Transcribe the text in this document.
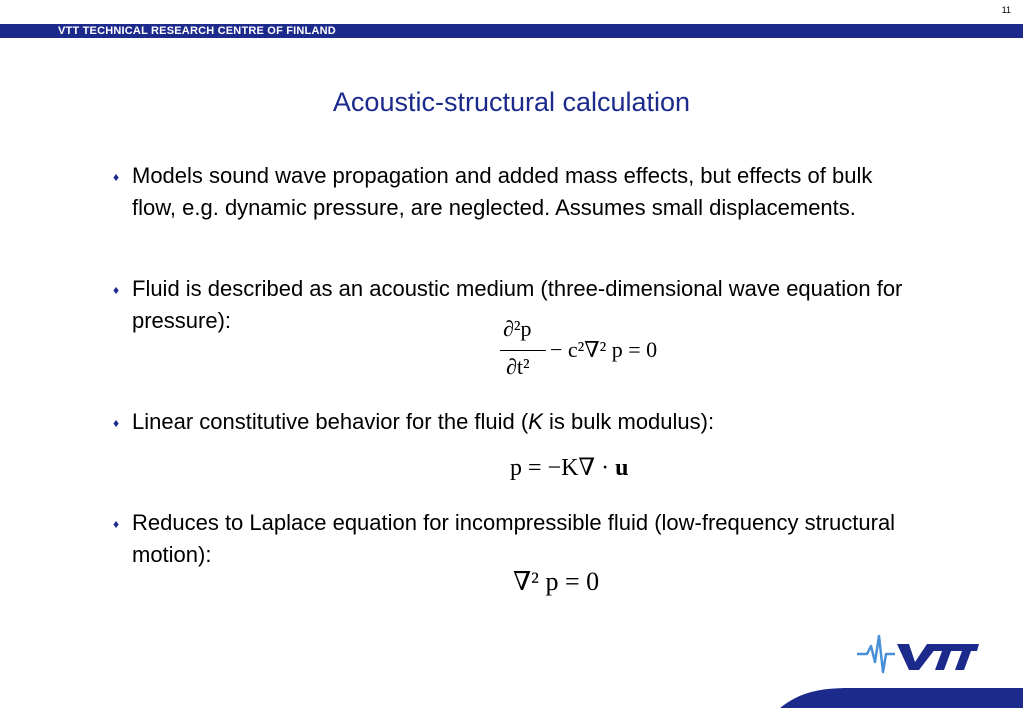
11
VTT TECHNICAL RESEARCH CENTRE OF FINLAND
Acoustic-structural calculation
♦ Models sound wave propagation and added mass effects, but effects of bulk flow, e.g. dynamic pressure, are neglected. Assumes small displacements.
♦ Fluid is described as an acoustic medium (three-dimensional wave equation for pressure):	∂²p
∂t²
− c²∇² p = 0
♦ Linear constitutive behavior for the fluid (K is bulk modulus):
p = −K∇ · u
♦ Reduces to Laplace equation for incompressible fluid (low-frequency structural motion):
∇² p = 0
